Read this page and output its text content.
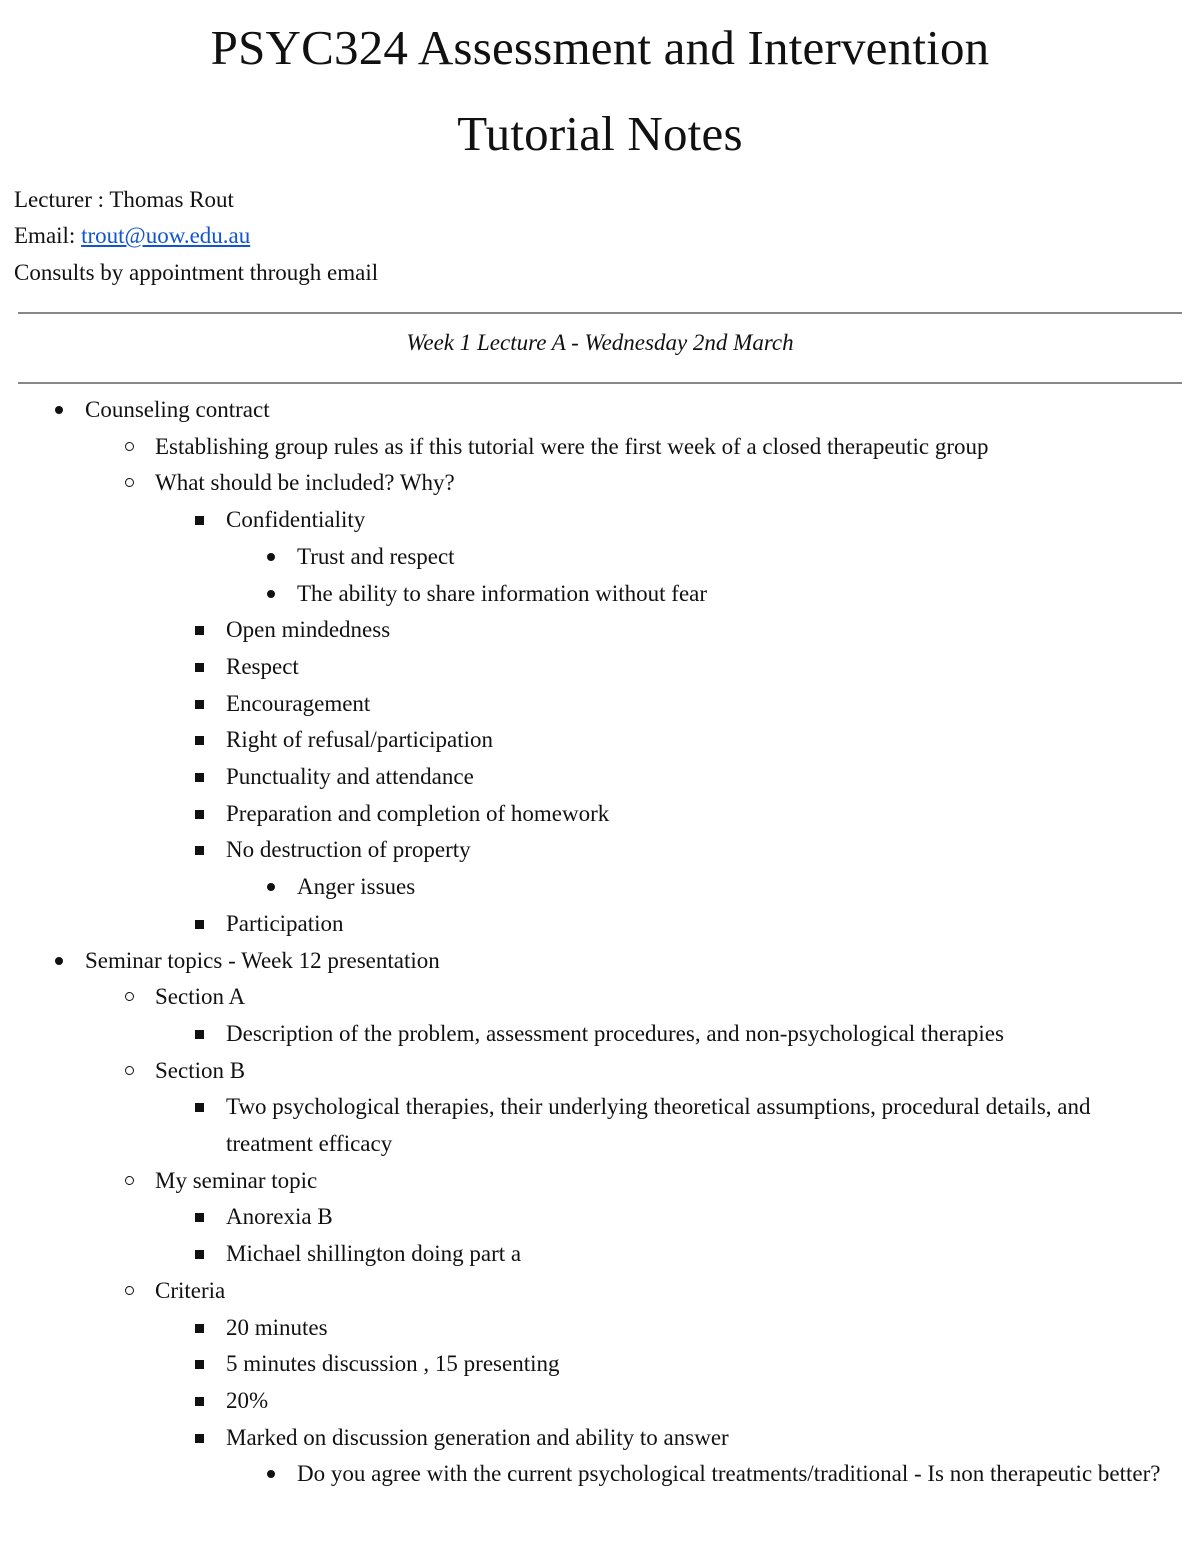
PSYC324 Assessment and Intervention
Tutorial Notes
Lecturer : Thomas Rout
Email: trout@uow.edu.au
Consults by appointment through email
Week 1 Lecture A - Wednesday 2nd March
Counseling contract
Establishing group rules as if this tutorial were the first week of a closed therapeutic group
What should be included? Why?
Confidentiality
Trust and respect
The ability to share information without fear
Open mindedness
Respect
Encouragement
Right of refusal/participation
Punctuality and attendance
Preparation and completion of homework
No destruction of property
Anger issues
Participation
Seminar topics - Week 12 presentation
Section A
Description of the problem, assessment procedures, and non-psychological therapies
Section B
Two psychological therapies, their underlying theoretical assumptions, procedural details, and treatment efficacy
My seminar topic
Anorexia B
Michael shillington doing part a
Criteria
20 minutes
5 minutes discussion , 15 presenting
20%
Marked on discussion generation and ability to answer
Do you agree with the current psychological treatments/traditional - Is non therapeutic better?
